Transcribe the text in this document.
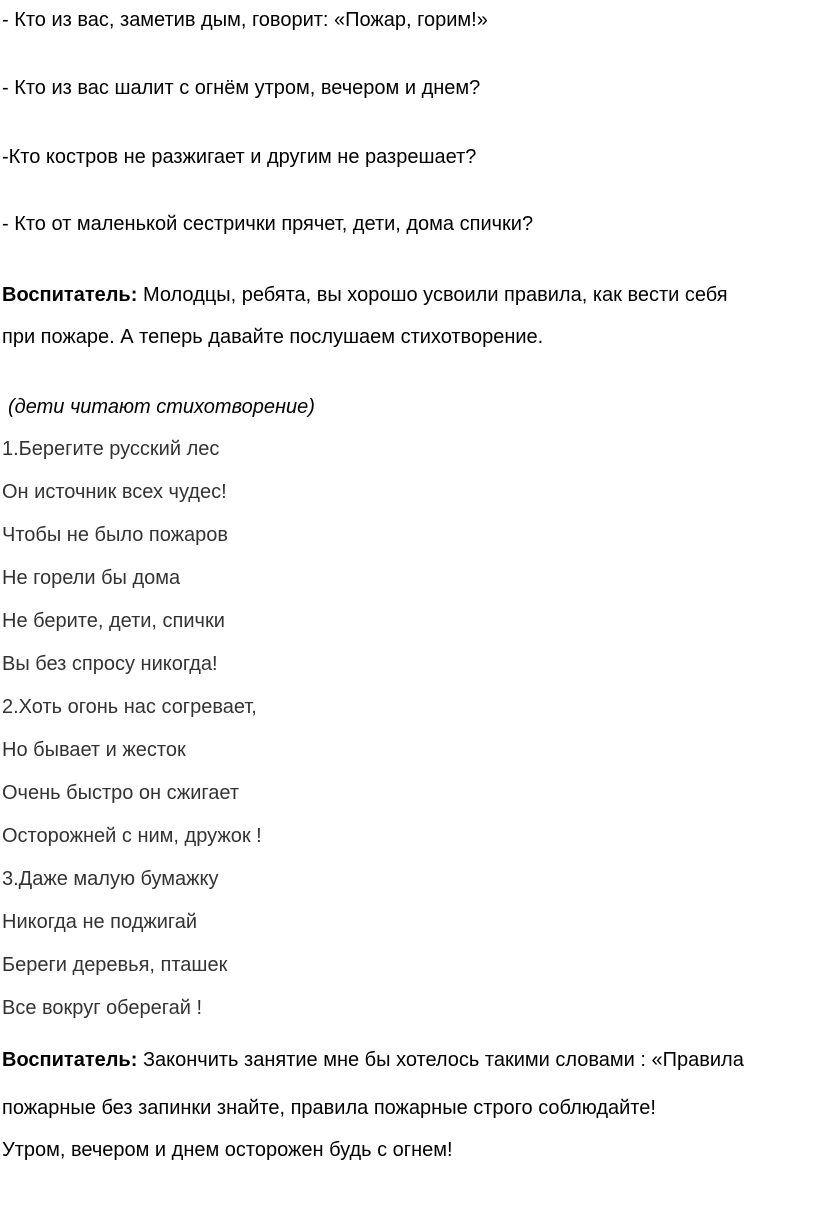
- Кто из вас, заметив дым, говорит: «Пожар, горим!»
- Кто из вас шалит с огнём утром, вечером и днем?
-Кто костров не разжигает и другим не разрешает?
- Кто от маленькой сестрички прячет, дети, дома спички?
Воспитатель: Молодцы, ребята, вы хорошо усвоили правила, как вести себя
при пожаре. А теперь давайте послушаем стихотворение.
(дети читают стихотворение)
1.Берегите русский лес
Он источник всех чудес!
Чтобы не было пожаров
Не горели бы дома
Не берите, дети, спички
Вы без спросу никогда!
2.Хоть огонь нас согревает,
Но бывает и жесток
Очень быстро он сжигает
Осторожней с ним, дружок !
3.Даже малую бумажку
Никогда не поджигай
Береги деревья, пташек
Все вокруг оберегай !
Воспитатель: Закончить занятие мне бы хотелось такими словами : «Правила
пожарные без запинки знайте, правила пожарные строго соблюдайте!
Утром, вечером и днем осторожен будь с огнем!
